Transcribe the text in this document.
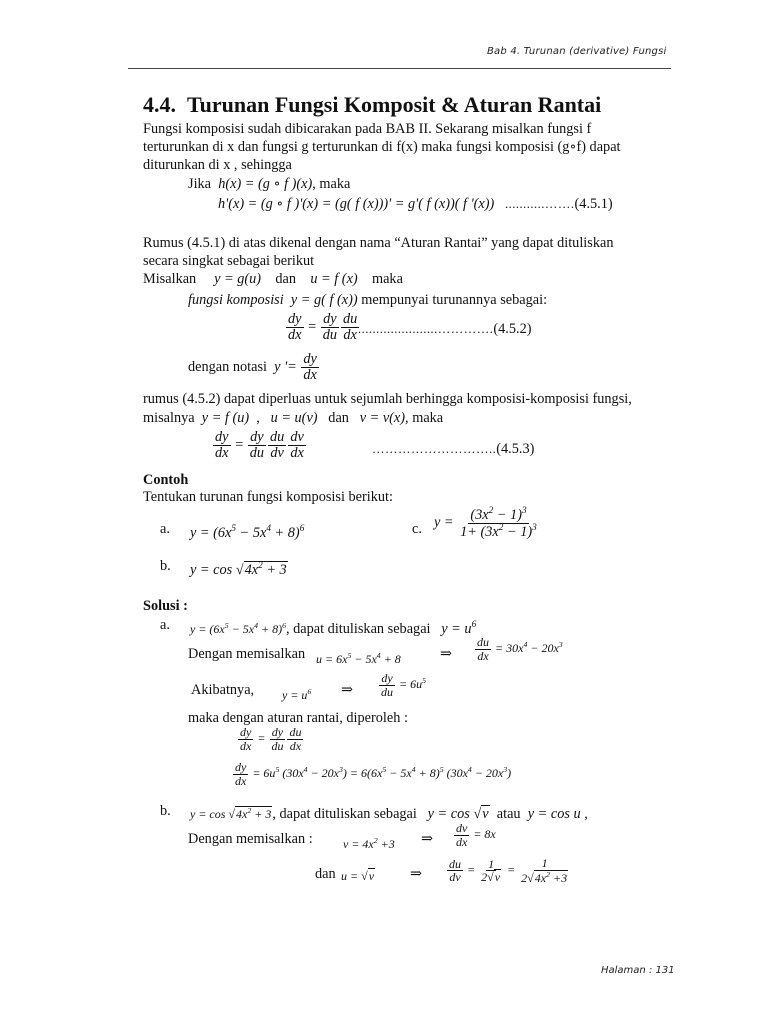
Bab 4. Turunan (derivative) Fungsi
4.4. Turunan Fungsi Komposit & Aturan Rantai
Fungsi komposisi sudah dibicarakan pada BAB II. Sekarang misalkan fungsi f
terturunkan di x dan fungsi g terturunkan di f(x) maka fungsi komposisi (g∘f) dapat
diturunkan di x , sehingga
Jika h(x) = (g ∘ f )(x), maka
h'(x) = (g ∘ f )'(x) = (g( f (x)))' = g'( f (x))( f '(x)) ...........…….(4.5.1)
Rumus (4.5.1) di atas dikenal dengan nama “Aturan Rantai” yang dapat dituliskan
secara singkat sebagai berikut
Misalkan y = g(u) dan u = f (x) maka
fungsi komposisi y = g( f (x)) mempunyai turunannya sebagai:
$\frac{dy}{dx} = \frac{dy}{du} \frac{du}{dx}$
......................………….(4.5.2)
dengan notasi y '= $\frac{dy}{dx}$
rumus (4.5.2) dapat diperluas untuk sejumlah berhingga komposisi-komposisi fungsi,
misalnya y = f (u)  ,   u = u(v) dan v = v(x), maka
$\frac{dy}{dx} = \frac{dy}{du} \frac{du}{dv} \frac{dv}{dx}$	………………………..(4.5.3)
Contoh
Tentukan turunan fungsi komposisi berikut:
a. $y = (6x^5 - 5x^4 + 8)^6$	c. $y = \frac{(3x^2 - 1)^3}{1+ (3x^2 - 1)^3}$
b. $y = \cos √4x^2 + 3$
Solusi :
a. $y = (6x^5 - 5x^4 + 8)^6$, dapat dituliskan sebagai $y = u^6$
Dengan memisalkan $u = 6x^5 - 5x^4 + 8$	⇒ $\frac{du}{dx} = 30x^4 - 20x^3$
Akibatnya, $y = u^6$ ⇒ $\frac{dy}{du} = 6u^5$
maka dengan aturan rantai, diperoleh :
$\frac{dy}{dx} = \frac{dy}{du} \frac{du}{dx}$
$\frac{dy}{dx} = 6u^5$ $(30x^4 - 20x^3) = 6(6x^5 - 5x^4 + 8)^5$ $(30x^4 - 20x^3)$
b. $y = \cos √4x^2 + 3$, dapat dituliskan sebagai y = cos √v atau y = cos u ,
Dengan memisalkan :	$v = 4x^2 +3$ ⇒ $\frac{dv}{dx} = 8x$
dan u = √v	⇒ $\frac{du}{dv} = \frac{1}{2√v} = \frac{1}{2√4x^2 +3}$
Halaman : 131
